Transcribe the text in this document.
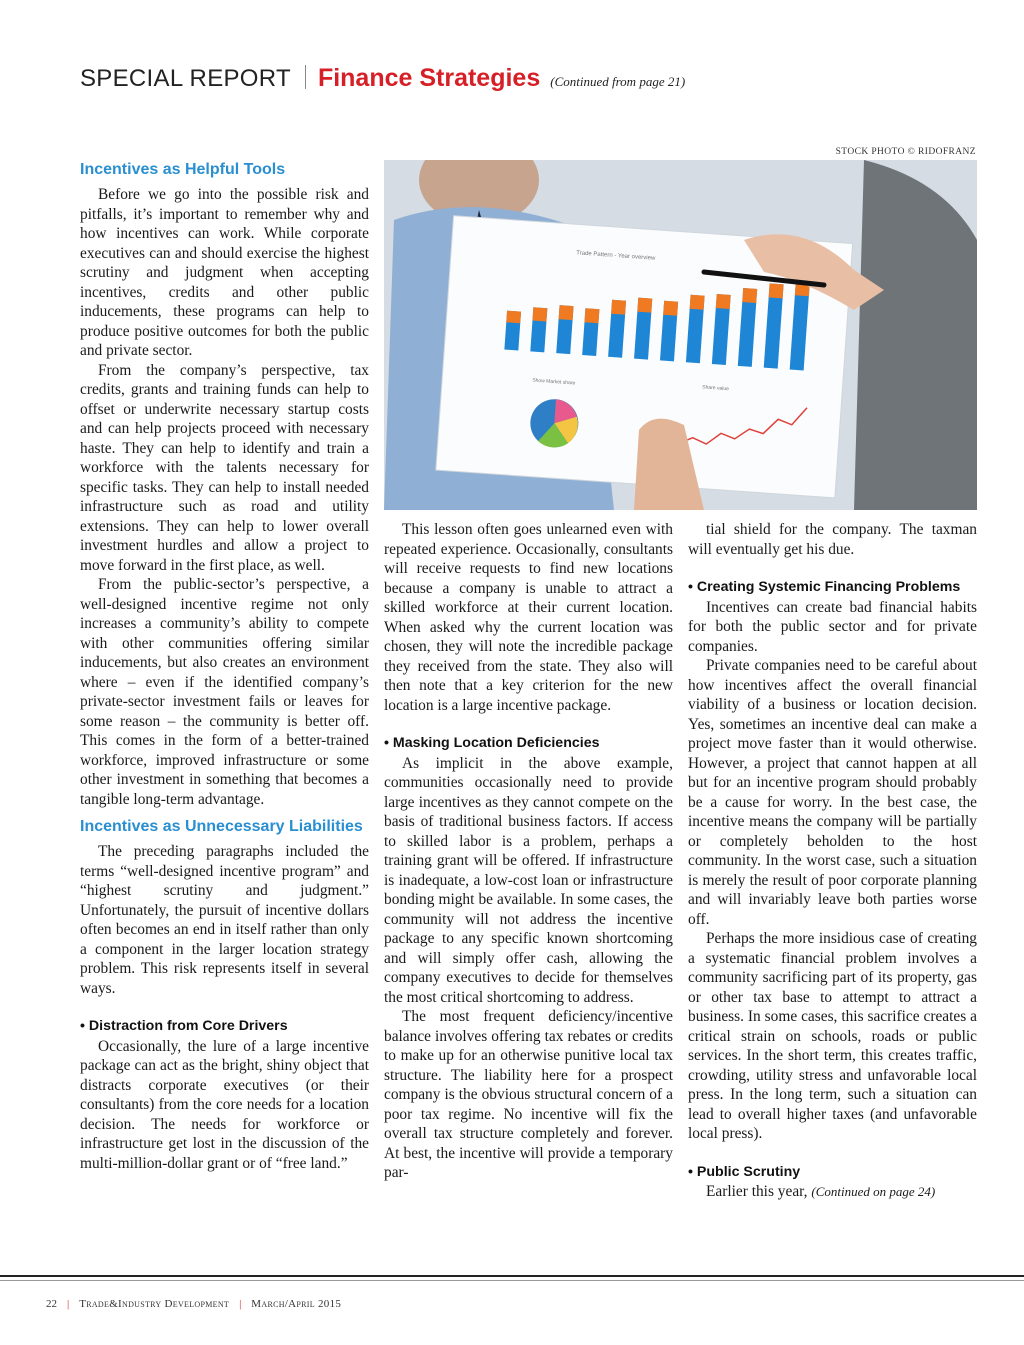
SPECIAL REPORT Finance Strategies (Continued from page 21)
STOCK PHOTO © RIDOFRANZ
Trade Pattern - Year overview
Show Market share
Share value
Incentives as Helpful Tools

Before we go into the possible risk and pitfalls, it’s important to remember why and how incentives can work. While corporate executives can and should exercise the highest scrutiny and judgment when accepting incentives, credits and other public inducements, these programs can help to produce positive outcomes for both the public and private sector.

From the company’s perspective, tax credits, grants and training funds can help to offset or underwrite necessary startup costs and can help projects proceed with necessary haste. They can help to identify and train a workforce with the talents necessary for specific tasks. They can help to install needed infrastructure such as road and utility extensions. They can help to lower overall investment hurdles and allow a project to move forward in the first place, as well.

From the public-sector’s perspective, a well-designed incentive regime not only increases a community’s ability to compete with other communities offering similar inducements, but also creates an environment where – even if the identified company’s private-sector investment fails or leaves for some reason – the community is better off. This comes in the form of a better-trained workforce, improved infrastructure or some other investment in something that becomes a tangible long-term advantage.

Incentives as Unnecessary Liabilities

The preceding paragraphs included the terms “well-designed incentive program” and “highest scrutiny and judgment.” Unfortunately, the pursuit of incentive dollars often becomes an end in itself rather than only a component in the larger location strategy problem. This risk represents itself in several ways.

• Distraction from Core Drivers

Occasionally, the lure of a large incentive package can act as the bright, shiny object that distracts corporate executives (or their consultants) from the core needs for a location decision. The needs for workforce or infrastructure get lost in the discussion of the multi-million-dollar grant or of “free land.”

This lesson often goes unlearned even with repeated experience. Occasionally, consultants will receive requests to find new locations because a company is unable to attract a skilled workforce at their current location. When asked why the current location was chosen, they will note the incredible package they received from the state. They also will then note that a key criterion for the new location is a large incentive package.

• Masking Location Deficiencies

As implicit in the above example, communities occasionally need to provide large incentives as they cannot compete on the basis of traditional business factors. If access to skilled labor is a problem, perhaps a training grant will be offered. If infrastructure is inadequate, a low-cost loan or infrastructure bonding might be available. In some cases, the community will not address the incentive package to any specific known shortcoming and will simply offer cash, allowing the company executives to decide for themselves the most critical shortcoming to address.

The most frequent deficiency/incentive balance involves offering tax rebates or credits to make up for an otherwise punitive local tax structure. The liability here for a prospect company is the obvious structural concern of a poor tax regime. No incentive will fix the overall tax structure completely and forever. At best, the incentive will provide a temporary par-

tial shield for the company. The taxman will eventually get his due.

• Creating Systemic Financing Problems

Incentives can create bad financial habits for both the public sector and for private companies.

Private companies need to be careful about how incentives affect the overall financial viability of a business or location decision. Yes, sometimes an incentive deal can make a project move faster than it would otherwise. However, a project that cannot happen at all but for an incentive program should probably be a cause for worry. In the best case, the incentive means the company will be partially or completely beholden to the host community. In the worst case, such a situation is merely the result of poor corporate planning and will invariably leave both parties worse off.

Perhaps the more insidious case of creating a systematic financial problem involves a community sacrificing part of its property, gas or other tax base to attempt to attract a business. In some cases, this sacrifice creates a critical strain on schools, roads or public services. In the short term, this creates traffic, crowding, utility stress and unfavorable local press. In the long term, such a situation can lead to overall higher taxes (and unfavorable local press).

• Public Scrutiny

Earlier this year, (Continued on page 24)

22 | Trade&Industry Development | March/April 2015
